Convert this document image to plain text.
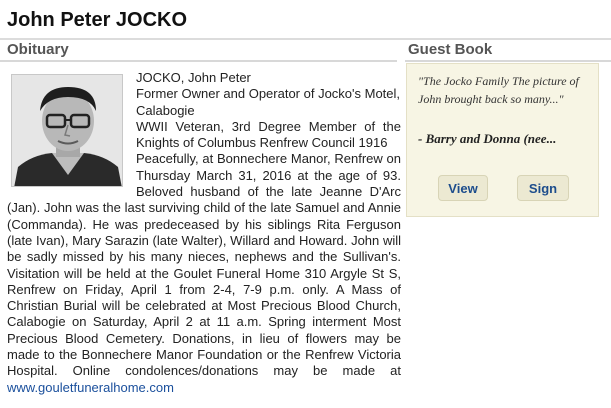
John Peter JOCKO
Obituary
JOCKO, John Peter
Former Owner and Operator of Jocko's Motel, Calabogie
WWII Veteran, 3rd Degree Member of the Knights of Columbus Renfrew Council 1916
Peacefully, at Bonnechere Manor, Renfrew on Thursday March 31, 2016 at the age of 93. Beloved husband of the late Jeanne D'Arc (Jan). John was the last surviving child of the late Samuel and Annie (Commanda). He was predeceased by his siblings Rita Ferguson (late Ivan), Mary Sarazin (late Walter), Willard and Howard. John will be sadly missed by his many nieces, nephews and the Sullivan's. Visitation will be held at the Goulet Funeral Home 310 Argyle St S, Renfrew on Friday, April 1 from 2-4, 7-9 p.m. only. A Mass of Christian Burial will be celebrated at Most Precious Blood Church, Calabogie on Saturday, April 2 at 11 a.m. Spring interment Most Precious Blood Cemetery. Donations, in lieu of flowers may be made to the Bonnechere Manor Foundation or the Renfrew Victoria Hospital. Online condolences/donations may be made at www.gouletfuneralhome.com
Guest Book
"The Jocko Family The picture of John brought back so many..."
- Barry and Donna (nee...
View	Sign
